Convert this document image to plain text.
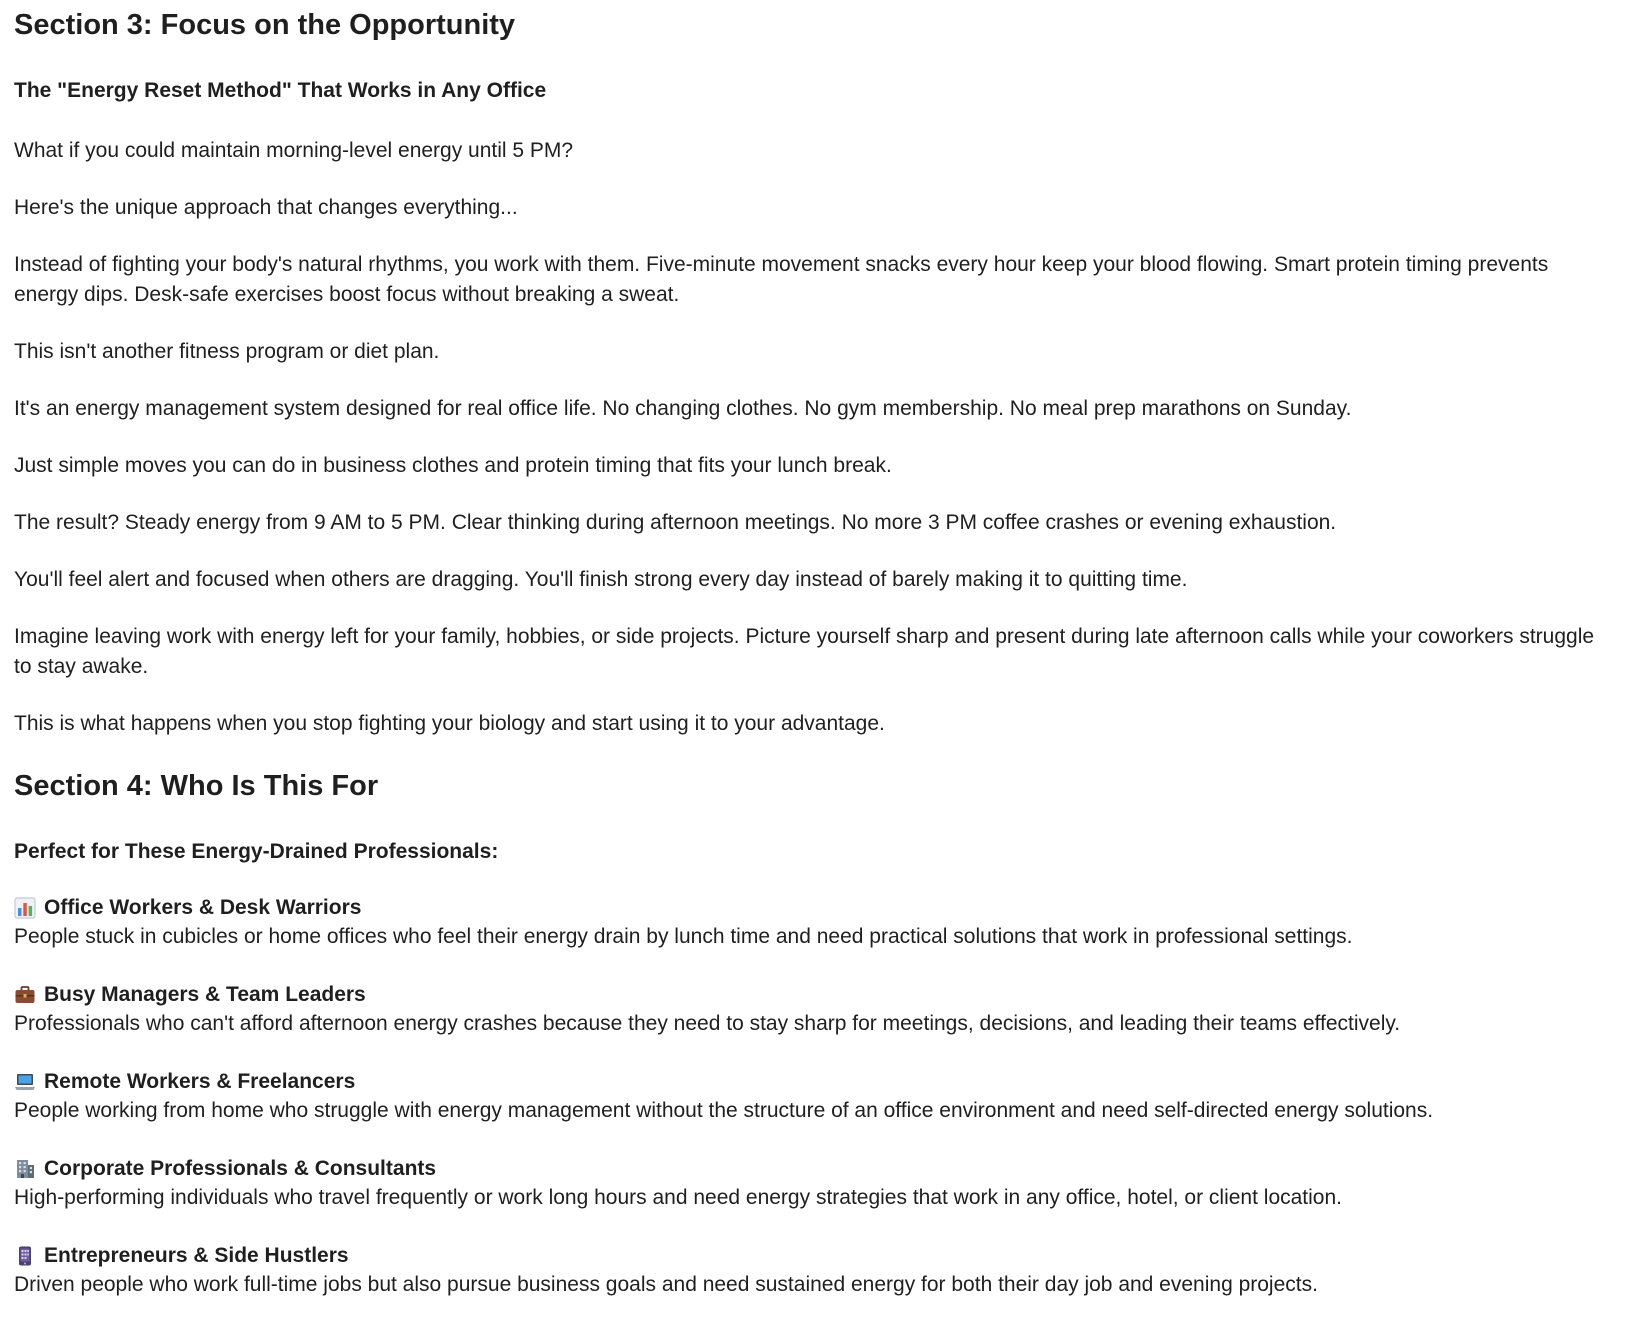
Section 3: Focus on the Opportunity
The "Energy Reset Method" That Works in Any Office

What if you could maintain morning-level energy until 5 PM?

Here's the unique approach that changes everything...

Instead of fighting your body's natural rhythms, you work with them. Five-minute movement snacks every hour keep your blood flowing. Smart protein timing prevents energy dips. Desk-safe exercises boost focus without breaking a sweat.

This isn't another fitness program or diet plan.

It's an energy management system designed for real office life. No changing clothes. No gym membership. No meal prep marathons on Sunday.

Just simple moves you can do in business clothes and protein timing that fits your lunch break.

The result? Steady energy from 9 AM to 5 PM. Clear thinking during afternoon meetings. No more 3 PM coffee crashes or evening exhaustion.

You'll feel alert and focused when others are dragging. You'll finish strong every day instead of barely making it to quitting time.

Imagine leaving work with energy left for your family, hobbies, or side projects. Picture yourself sharp and present during late afternoon calls while your coworkers struggle to stay awake.

This is what happens when you stop fighting your biology and start using it to your advantage.

Section 4: Who Is This For
Perfect for These Energy-Drained Professionals:
Office Workers & Desk Warriors

People stuck in cubicles or home offices who feel their energy drain by lunch time and need practical solutions that work in professional settings.

Busy Managers & Team Leaders

Professionals who can't afford afternoon energy crashes because they need to stay sharp for meetings, decisions, and leading their teams effectively.

Remote Workers & Freelancers

People working from home who struggle with energy management without the structure of an office environment and need self-directed energy solutions.

Corporate Professionals & Consultants

High-performing individuals who travel frequently or work long hours and need energy strategies that work in any office, hotel, or client location.

Entrepreneurs & Side Hustlers

Driven people who work full-time jobs but also pursue business goals and need sustained energy for both their day job and evening projects.
